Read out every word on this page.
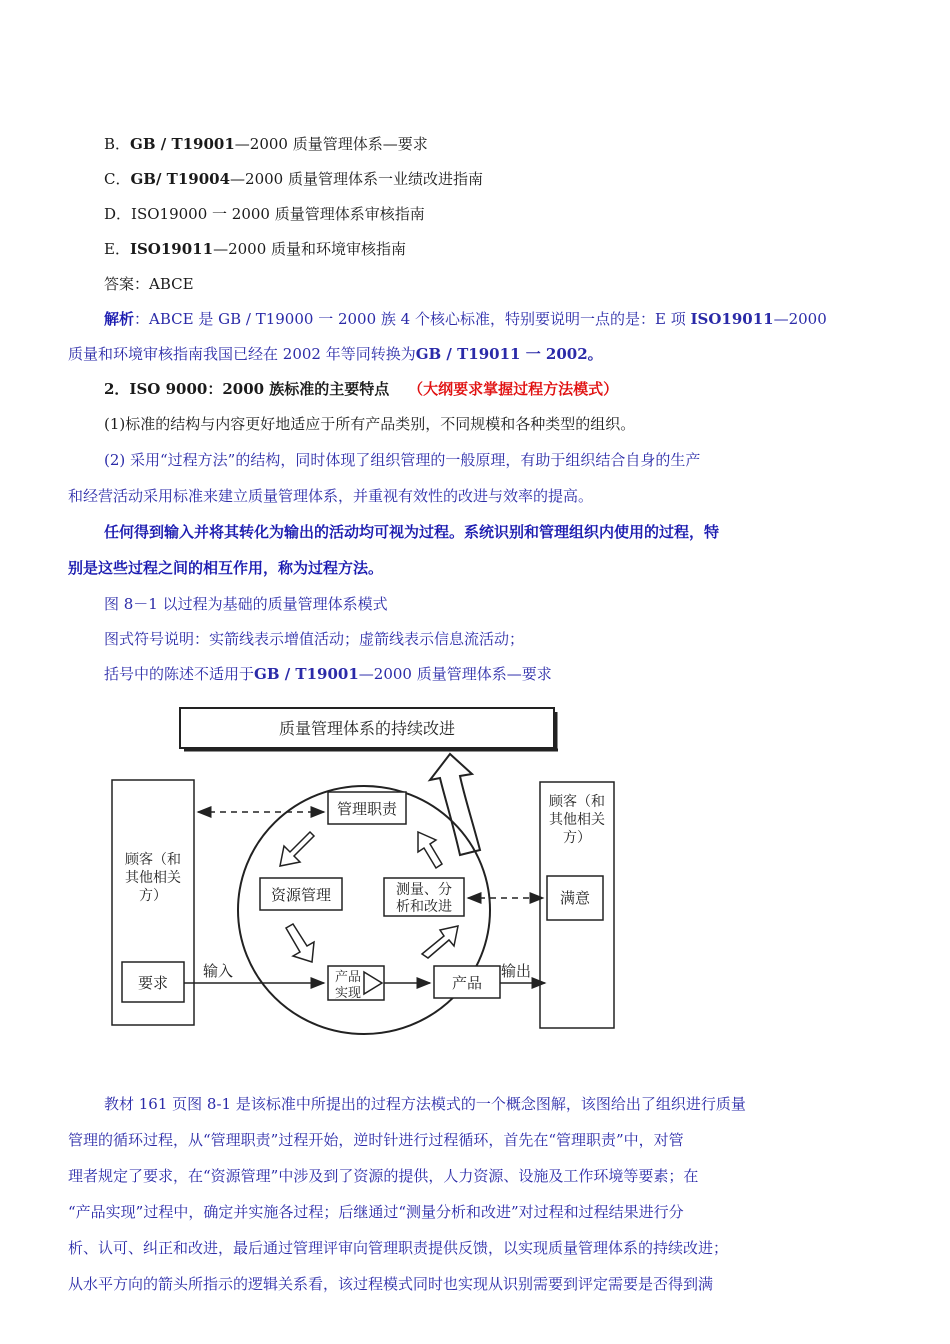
B．GB / T19001—2000 质量管理体系—要求
C．GB/ T19004—2000 质量管理体系一业绩改进指南
D．ISO19000 一 2000 质量管理体系审核指南
E．ISO19011—2000 质量和环境审核指南
答案：ABCE
解析：ABCE 是 GB / T19000 一 2000 族 4 个核心标准，特别要说明一点的是：E 项 ISO19011—2000
质量和环境审核指南我国已经在 2002 年等同转换为GB / T19011 一 2002。
2．ISO 9000：2000 族标准的主要特点 （大纲要求掌握过程方法模式）
(1)标准的结构与内容更好地适应于所有产品类别，不同规模和各种类型的组织。
(2) 采用“过程方法”的结构，同时体现了组织管理的一般原理，有助于组织结合自身的生产
和经营活动采用标准来建立质量管理体系，并重视有效性的改进与效率的提高。
任何得到输入并将其转化为输出的活动均可视为过程。系统识别和管理组织内使用的过程，特
别是这些过程之间的相互作用，称为过程方法。
图 8－1 以过程为基础的质量管理体系模式
图式符号说明：实箭线表示增值活动；虚箭线表示信息流活动；
括号中的陈述不适用于GB / T19001—2000 质量管理体系—要求
质量管理体系的持续改进
顾客（和
其他相关
方）
要求
顾客（和
其他相关
方）
满意
管理职责
资源管理	测量、分
析和改进
产品
实现
产品
输入	输出
教材 161 页图 8-1 是该标准中所提出的过程方法模式的一个概念图解，该图给出了组织进行质量
管理的循环过程，从“管理职责”过程开始，逆时针进行过程循环，首先在“管理职责”中，对管
理者规定了要求，在“资源管理”中涉及到了资源的提供，人力资源、设施及工作环境等要素；在
“产品实现”过程中，确定并实施各过程；后继通过“测量分析和改进”对过程和过程结果进行分
析、认可、纠正和改进，最后通过管理评审向管理职责提供反馈，以实现质量管理体系的持续改进；
从水平方向的箭头所指示的逻辑关系看，该过程模式同时也实现从识别需要到评定需要是否得到满
